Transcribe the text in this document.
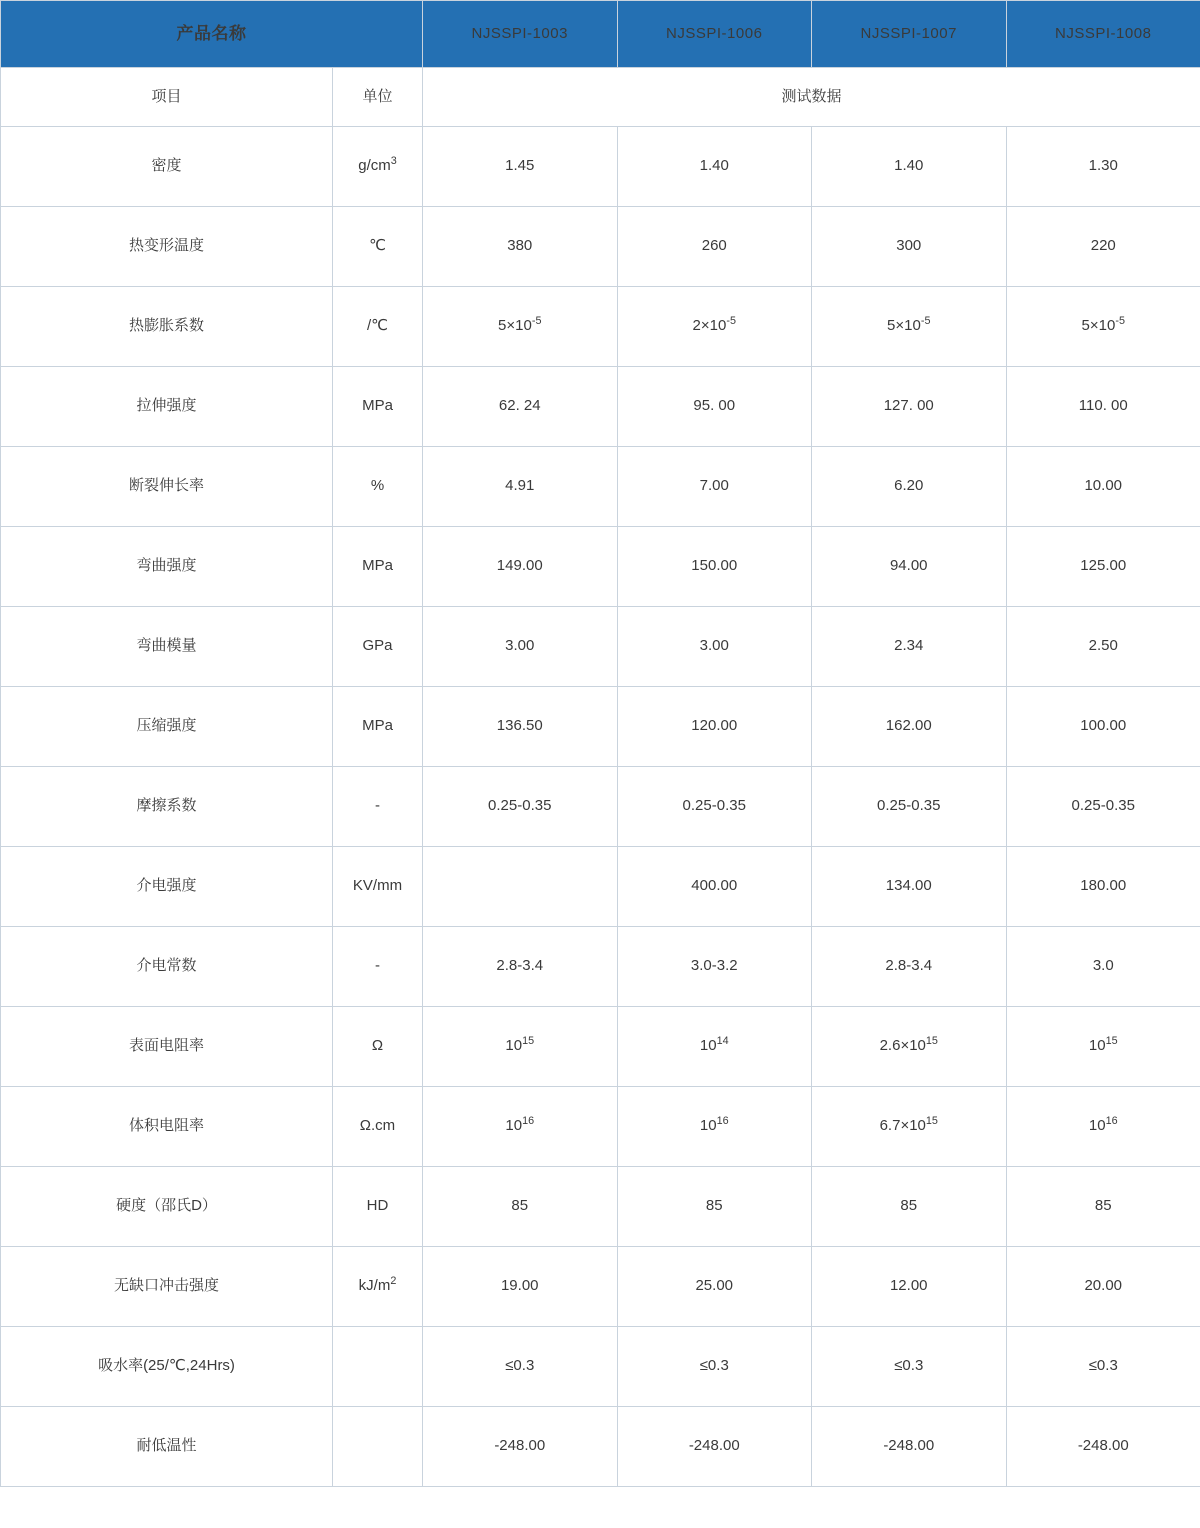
产品名称		NJSSPI-1003	NJSSPI-1006	NJSSPI-1007	NJSSPI-1008
项目	单位	测试数据			
密度	$g/cm^3$	1.45	1.40	1.40	1.30
热变形温度	℃	380	260	300	220
热膨胀系数	/℃	$5\times 10^{-5}$	$2\times 10^{-5}$	$5\times 10^{-5}$	$5\times 10^{-5}$
拉伸强度	MPa	62. 24	95. 00	127. 00	110. 00
断裂伸长率	%	4.91	7.00	6.20	10.00
弯曲强度	MPa	149.00	150.00	94.00	125.00
弯曲模量	GPa	3.00	3.00	2.34	2.50
压缩强度	MPa	136.50	120.00	162.00	100.00
摩擦系数	-	0.25-0.35	0.25-0.35	0.25-0.35	0.25-0.35
介电强度	KV/mm		400.00	134.00	180.00
介电常数	-	2.8-3.4	3.0-3.2	2.8-3.4	3.0
表面电阻率	Ω	$10^{15}$	$10^{14}$	$2.6\times 10^{15}$	$10^{15}$
体积电阻率	Ω.cm	$10^{16}$	$10^{16}$	$6.7\times 10^{15}$	$10^{16}$
硬度（邵氏D）	HD	85	85	85	85
无缺口冲击强度	$kJ/m^2$	19.00	25.00	12.00	20.00
吸水率(25/℃,24Hrs)		≤0.3	≤0.3	≤0.3	≤0.3
耐低温性		-248.00	-248.00	-248.00	-248.00
